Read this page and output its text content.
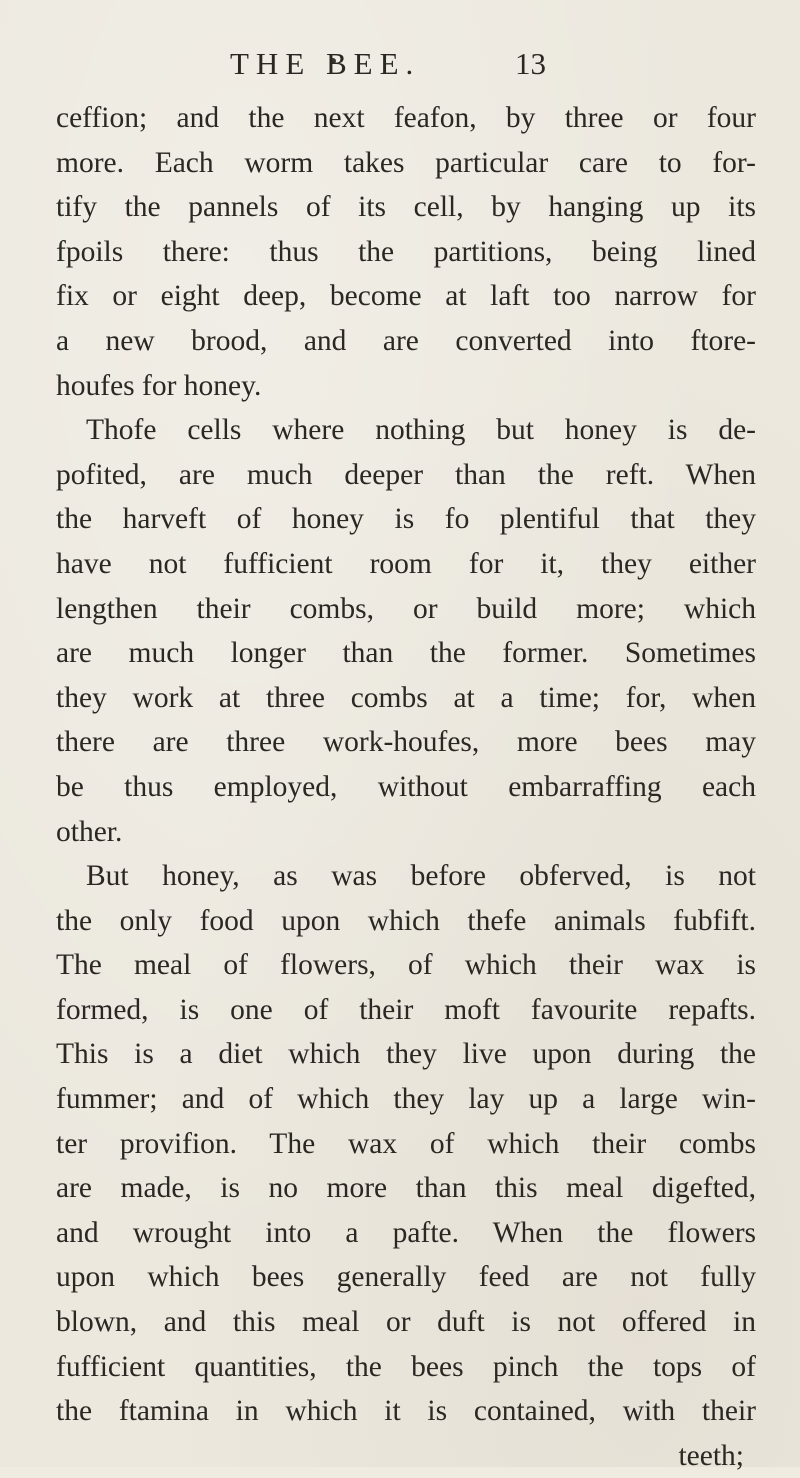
THE BEE.	13
ceffion; and the next feafon, by three or four
more. Each worm takes particular care to for-
tify the pannels of its cell, by hanging up its
fpoils there: thus the partitions, being lined
fix or eight deep, become at laft too narrow for
a new brood, and are converted into ftore-
houfes for honey.
Thofe cells where nothing but honey is de-
pofited, are much deeper than the reft. When
the harveft of honey is fo plentiful that they
have not fufficient room for it, they either
lengthen their combs, or build more; which
are much longer than the former. Sometimes
they work at three combs at a time; for, when
there are three work-houfes, more bees may
be thus employed, without embarraffing each
other.
But honey, as was before obferved, is not
the only food upon which thefe animals fubfift.
The meal of flowers, of which their wax is
formed, is one of their moft favourite repafts.
This is a diet which they live upon during the
fummer; and of which they lay up a large win-
ter provifion. The wax of which their combs
are made, is no more than this meal digefted,
and wrought into a pafte. When the flowers
upon which bees generally feed are not fully
blown, and this meal or duft is not offered in
fufficient quantities, the bees pinch the tops of
the ftamina in which it is contained, with their
teeth;
